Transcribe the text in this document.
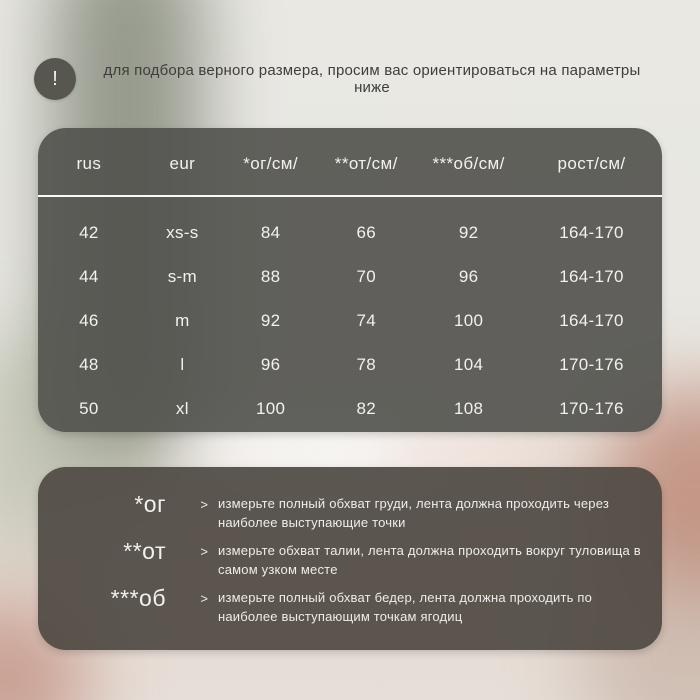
!	для подбора верного размера, просим вас ориентироваться на параметры ниже
rus	eur	*ог/см/	**от/см/	***об/см/	рост/см/
42	xs-s	84	66	92	164-170
44	s-m	88	70	96	164-170
46	m	92	74	100	164-170
48	l	96	78	104	170-176
50	xl	100	82	108	170-176
*ог	> измерьте полный обхват груди, лента должна проходить через наиболее выступающие точки
**от	> измерьте обхват талии, лента должна проходить вокруг туловища в самом узком месте
***об	> измерьте полный обхват бедер, лента должна проходить по наиболее выступающим точкам ягодиц
